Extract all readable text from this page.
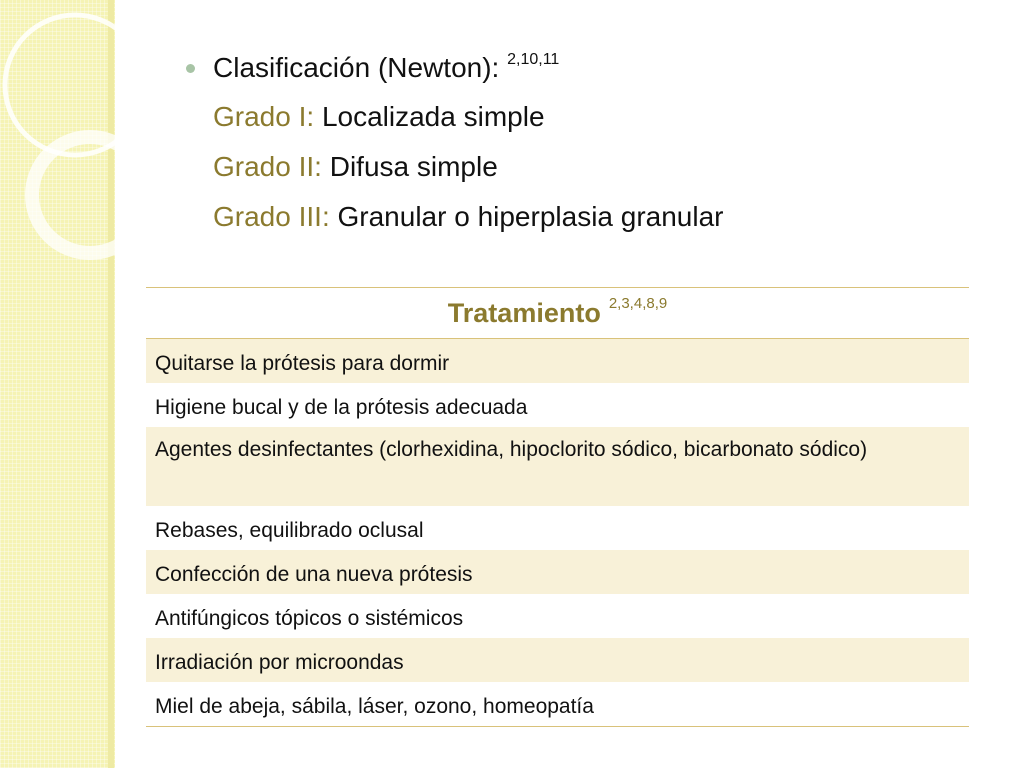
Clasificación (Newton): $^{2,10,11}$
Grado I: Localizada simple
Grado II: Difusa simple
Grado III: Granular o hiperplasia granular
Tratamiento $^{2,3,4,8,9}$
Quitarse la prótesis para dormir
Higiene bucal y de la prótesis adecuada
Agentes desinfectantes (clorhexidina, hipoclorito sódico, bicarbonato sódico)
Rebases, equilibrado oclusal
Confección de una nueva prótesis
Antifúngicos tópicos o sistémicos
Irradiación por microondas
Miel de abeja, sábila, láser, ozono, homeopatía
